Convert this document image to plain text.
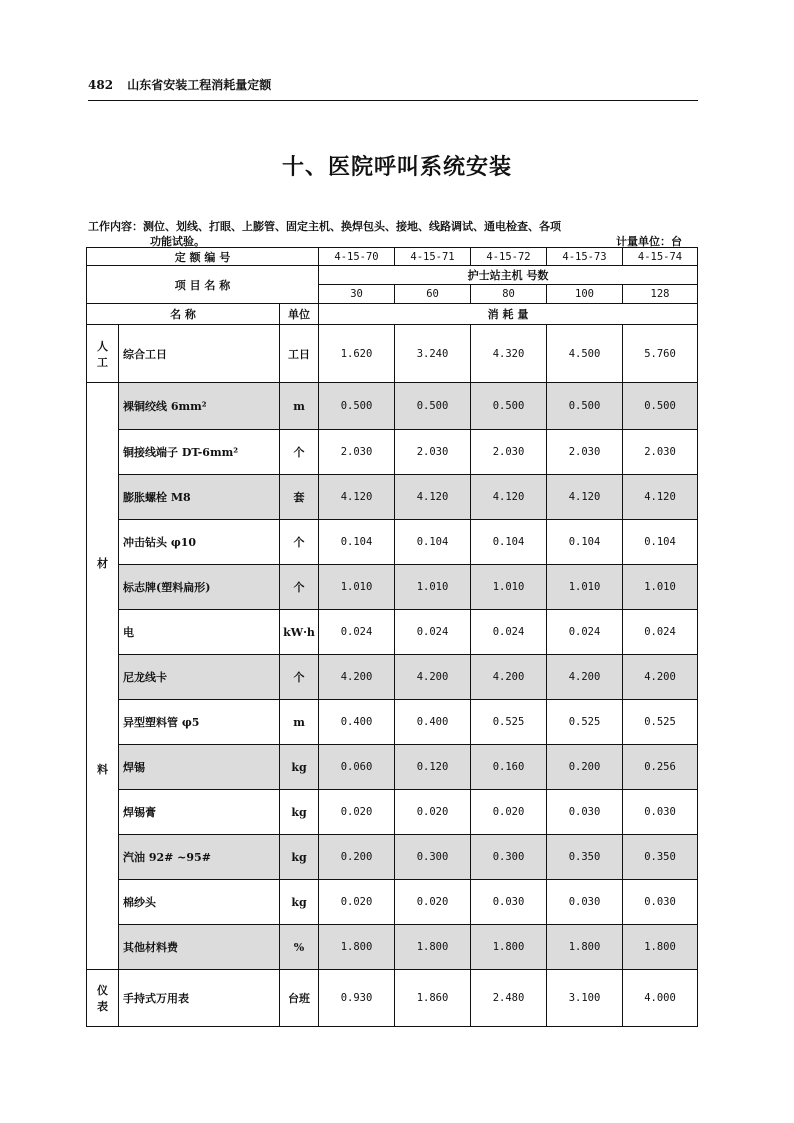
482 山东省安装工程消耗量定额
十、医院呼叫系统安装
工作内容：测位、划线、打眼、上膨管、固定主机、换焊包头、接地、线路调试、通电检查、各项
功能试验。	计量单位：台
定 额 编 号			4-15-70	4-15-71	4-15-72	4-15-73	4-15-74
项 目 名 称			护士站主机 号数				
			30	60	80	100	128
名 称		单位	消 耗 量				
人工	综合工日	工日	1.620	3.240	4.320	4.500	5.760

材
料	裸铜绞线 6mm²	m	0.500	0.500	0.500	0.500	0.500
	铜接线端子 DT-6mm²	个	2.030	2.030	2.030	2.030	2.030
	膨胀螺栓 M8	套	4.120	4.120	4.120	4.120	4.120
	冲击钻头 φ10	个	0.104	0.104	0.104	0.104	0.104
	标志牌(塑料扁形)	个	1.010	1.010	1.010	1.010	1.010
	电	kW·h	0.024	0.024	0.024	0.024	0.024
	尼龙线卡	个	4.200	4.200	4.200	4.200	4.200
	异型塑料管 φ5	m	0.400	0.400	0.525	0.525	0.525
	焊锡	kg	0.060	0.120	0.160	0.200	0.256
	焊锡膏	kg	0.020	0.020	0.020	0.030	0.030
	汽油 92# ~95#	kg	0.200	0.300	0.300	0.350	0.350
	棉纱头	kg	0.020	0.020	0.030	0.030	0.030
	其他材料费	%	1.800	1.800	1.800	1.800	1.800
仪表	手持式万用表	台班	0.930	1.860	2.480	3.100	4.000
